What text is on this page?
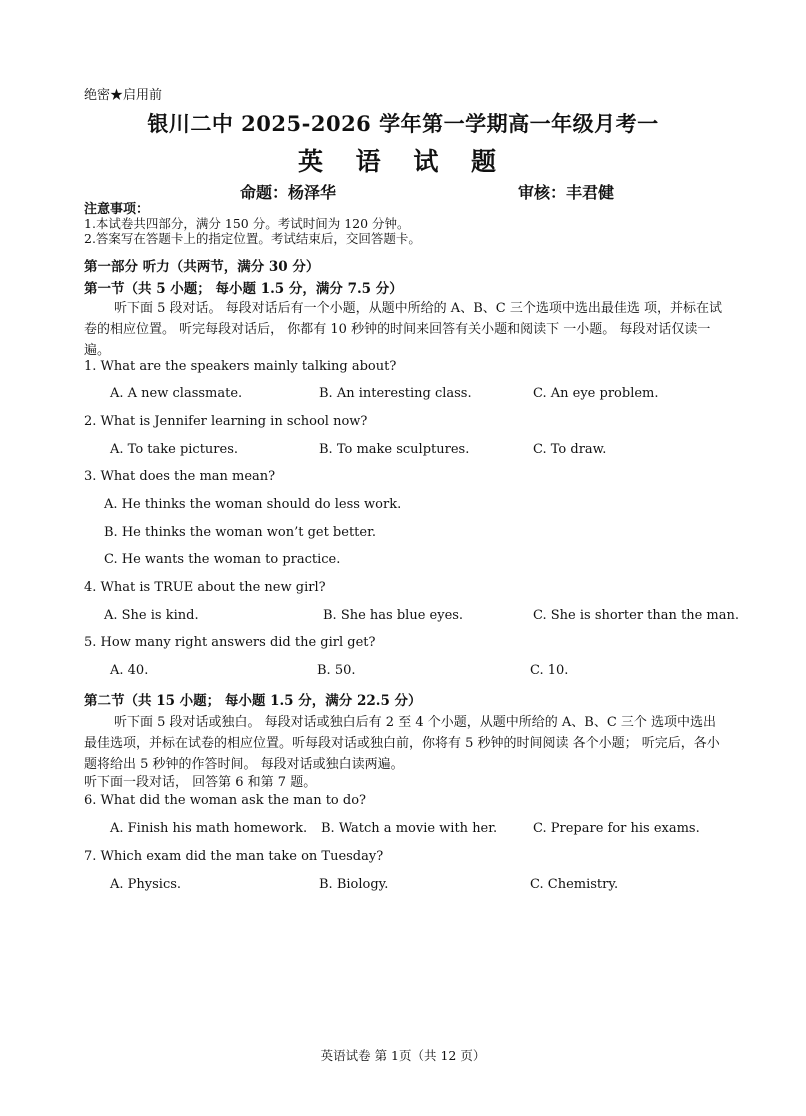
绝密★启用前
银川二中 2025-2026 学年第一学期高一年级月考一
英 语 试 题
命题：杨泽华	审核：丰君健
注意事项：
1.本试卷共四部分，满分 150 分。考试时间为 120 分钟。
2.答案写在答题卡上的指定位置。考试结束后，交回答题卡。
第一部分 听力（共两节，满分 30 分）
第一节（共 5 小题； 每小题 1.5 分，满分 7.5 分）
听下面 5 段对话。 每段对话后有一个小题，从题中所给的 A、B、C 三个选项中选出最佳选 项，并标在试卷的相应位置。 听完每段对话后， 你都有 10 秒钟的时间来回答有关小题和阅读下 一小题。 每段对话仅读一遍。
1. What are the speakers mainly talking about?
A. A new classmate.	B. An interesting class.	C. An eye problem.
2. What is Jennifer learning in school now?
A. To take pictures.	B. To make sculptures.	C. To draw.
3. What does the man mean?
A. He thinks the woman should do less work.
B. He thinks the woman won’t get better.
C. He wants the woman to practice.
4. What is TRUE about the new girl?
A. She is kind.	B. She has blue eyes.	C. She is shorter than the man.
5. How many right answers did the girl get?
A. 40.	B. 50.	C. 10.
第二节（共 15 小题； 每小题 1.5 分，满分 22.5 分）
听下面 5 段对话或独白。 每段对话或独白后有 2 至 4 个小题，从题中所给的 A、B、C 三个 选项中选出最佳选项，并标在试卷的相应位置。听每段对话或独白前，你将有 5 秒钟的时间阅读 各个小题； 听完后，各小题将给出 5 秒钟的作答时间。 每段对话或独白读两遍。
听下面一段对话， 回答第 6 和第 7 题。
6. What did the woman ask the man to do?
A. Finish his math homework. B. Watch a movie with her.	C. Prepare for his exams.
7. Which exam did the man take on Tuesday?
A. Physics.	B. Biology.	C. Chemistry.
英语试卷 第 1页（共 12 页）
